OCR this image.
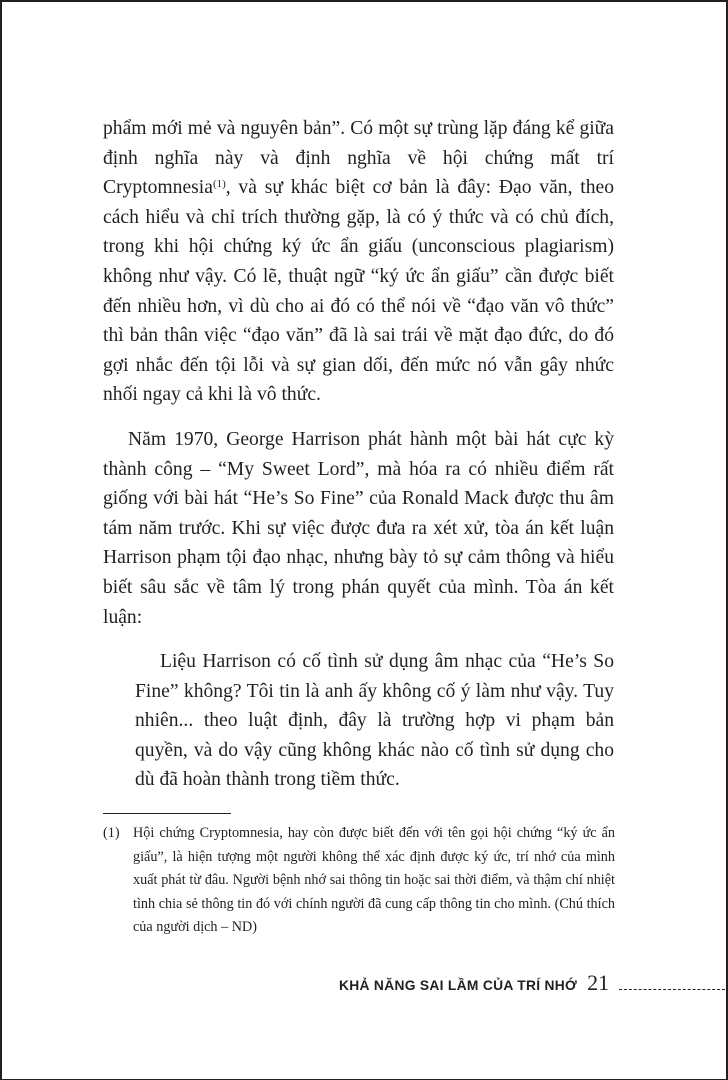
phẩm mới mẻ và nguyên bản”. Có một sự trùng lặp đáng kể giữa định nghĩa này và định nghĩa về hội chứng mất trí Cryptomnesia$^{(1)}$, và sự khác biệt cơ bản là đây: Đạo văn, theo cách hiểu và chỉ trích thường gặp, là có ý thức và có chủ đích, trong khi hội chứng ký ức ẩn giấu (unconscious plagiarism) không như vậy. Có lẽ, thuật ngữ “ký ức ẩn giấu” cần được biết đến nhiều hơn, vì dù cho ai đó có thể nói về “đạo văn vô thức” thì bản thân việc “đạo văn” đã là sai trái về mặt đạo đức, do đó gợi nhắc đến tội lỗi và sự gian dối, đến mức nó vẫn gây nhức nhối ngay cả khi là vô thức.

Năm 1970, George Harrison phát hành một bài hát cực kỳ thành công – “My Sweet Lord”, mà hóa ra có nhiều điểm rất giống với bài hát “He’s So Fine” của Ronald Mack được thu âm tám năm trước. Khi sự việc được đưa ra xét xử, tòa án kết luận Harrison phạm tội đạo nhạc, nhưng bày tỏ sự cảm thông và hiểu biết sâu sắc về tâm lý trong phán quyết của mình. Tòa án kết luận:

Liệu Harrison có cố tình sử dụng âm nhạc của “He’s So Fine” không? Tôi tin là anh ấy không cố ý làm như vậy. Tuy nhiên... theo luật định, đây là trường hợp vi phạm bản quyền, và do vậy cũng không khác nào cố tình sử dụng cho dù đã hoàn thành trong tiềm thức.

(1) Hội chứng Cryptomnesia, hay còn được biết đến với tên gọi hội chứng “ký ức ẩn giấu”, là hiện tượng một người không thể xác định được ký ức, trí nhớ của mình xuất phát từ đâu. Người bệnh nhớ sai thông tin hoặc sai thời điểm, và thậm chí nhiệt tình chia sẻ thông tin đó với chính người đã cung cấp thông tin cho mình. (Chú thích của người dịch – ND)
KHẢ NĂNG SAI LẦM CỦA TRÍ NHỚ 21
